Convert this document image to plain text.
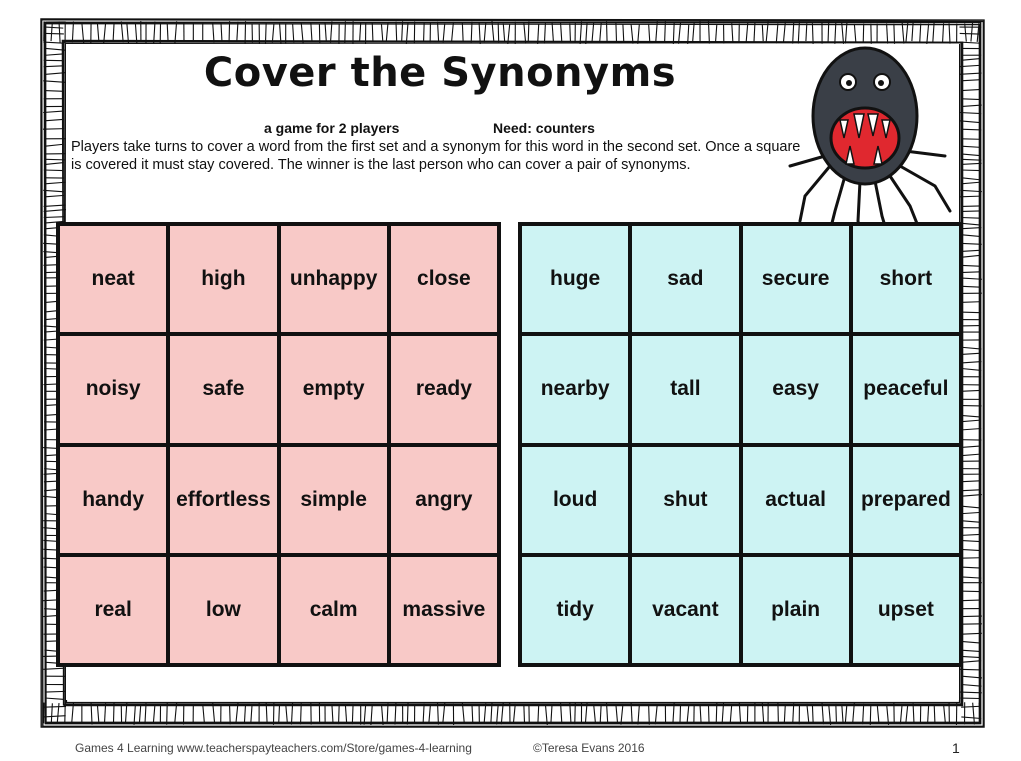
Cover the Synonyms
a game for 2 players	Need: counters
Players take turns to cover a word from the first set and a synonym for this word in the second set. Once a square is covered it must stay covered. The winner is the last person who can cover a pair of synonyms.
neat	high	unhappy	close
noisy	safe	empty	ready
handy	effortless	simple	angry
real	low	calm	massive
huge	sad	secure	short
nearby	tall	easy	peaceful
loud	shut	actual	prepared
tidy	vacant	plain	upset
Games 4 Learning www.teacherspayteachers.com/Store/games-4-learning	©Teresa Evans 2016	1
